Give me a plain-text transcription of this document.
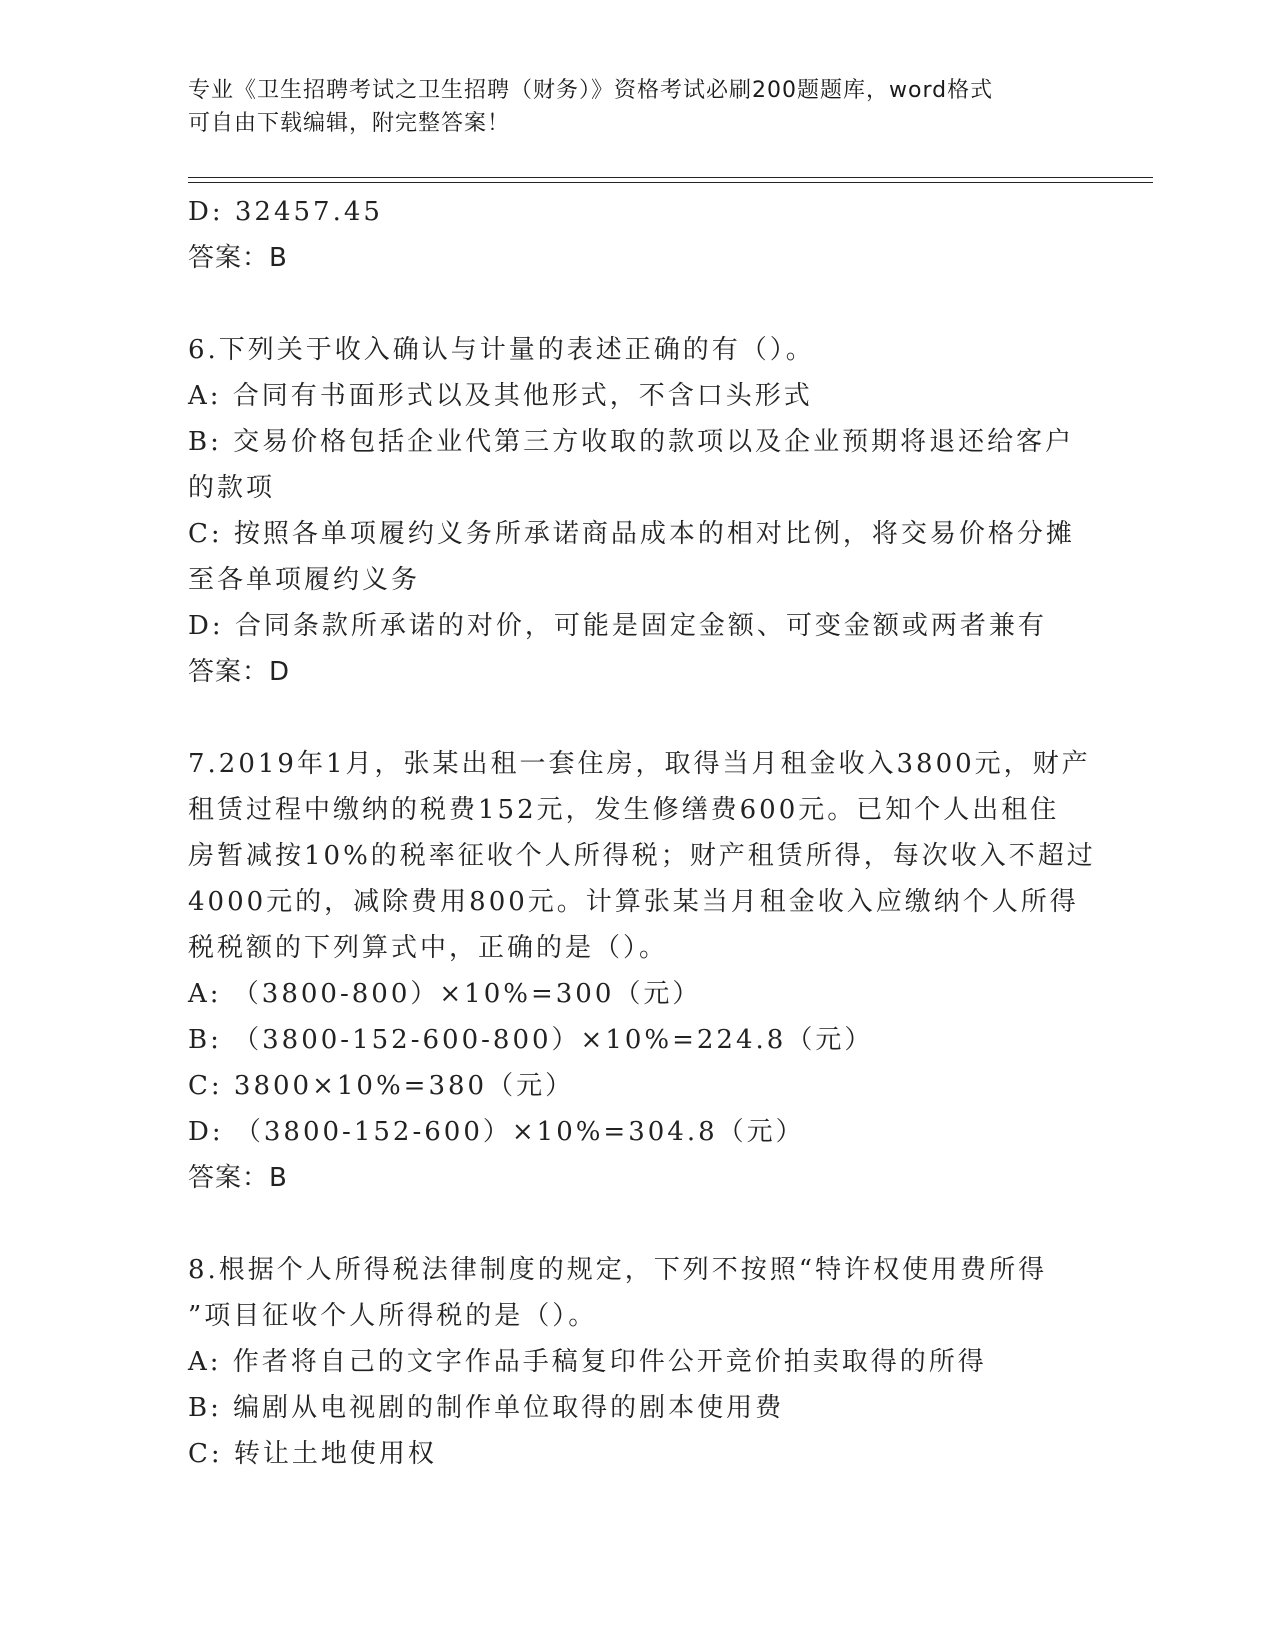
专业《卫生招聘考试之卫生招聘（财务）》资格考试必刷200题题库，word格式
可自由下载编辑，附完整答案！
D: 32457.45
答案：B
6.下列关于收入确认与计量的表述正确的有（）。
A: 合同有书面形式以及其他形式，不含口头形式
B: 交易价格包括企业代第三方收取的款项以及企业预期将退还给客户
的款项
C: 按照各单项履约义务所承诺商品成本的相对比例，将交易价格分摊
至各单项履约义务
D: 合同条款所承诺的对价，可能是固定金额、可变金额或两者兼有
答案：D
7.2019年1月，张某出租一套住房，取得当月租金收入3800元，财产
租赁过程中缴纳的税费152元，发生修缮费600元。已知个人出租住
房暂减按10%的税率征收个人所得税；财产租赁所得，每次收入不超过
4000元的，减除费用800元。计算张某当月租金收入应缴纳个人所得
税税额的下列算式中，正确的是（）。
A: （3800-800）×10%=300（元）
B: （3800-152-600-800）×10%=224.8（元）
C: 3800×10%=380（元）
D: （3800-152-600）×10%=304.8（元）
答案：B
8.根据个人所得税法律制度的规定，下列不按照“特许权使用费所得
”项目征收个人所得税的是（）。
A: 作者将自己的文字作品手稿复印件公开竞价拍卖取得的所得
B: 编剧从电视剧的制作单位取得的剧本使用费
C: 转让土地使用权
